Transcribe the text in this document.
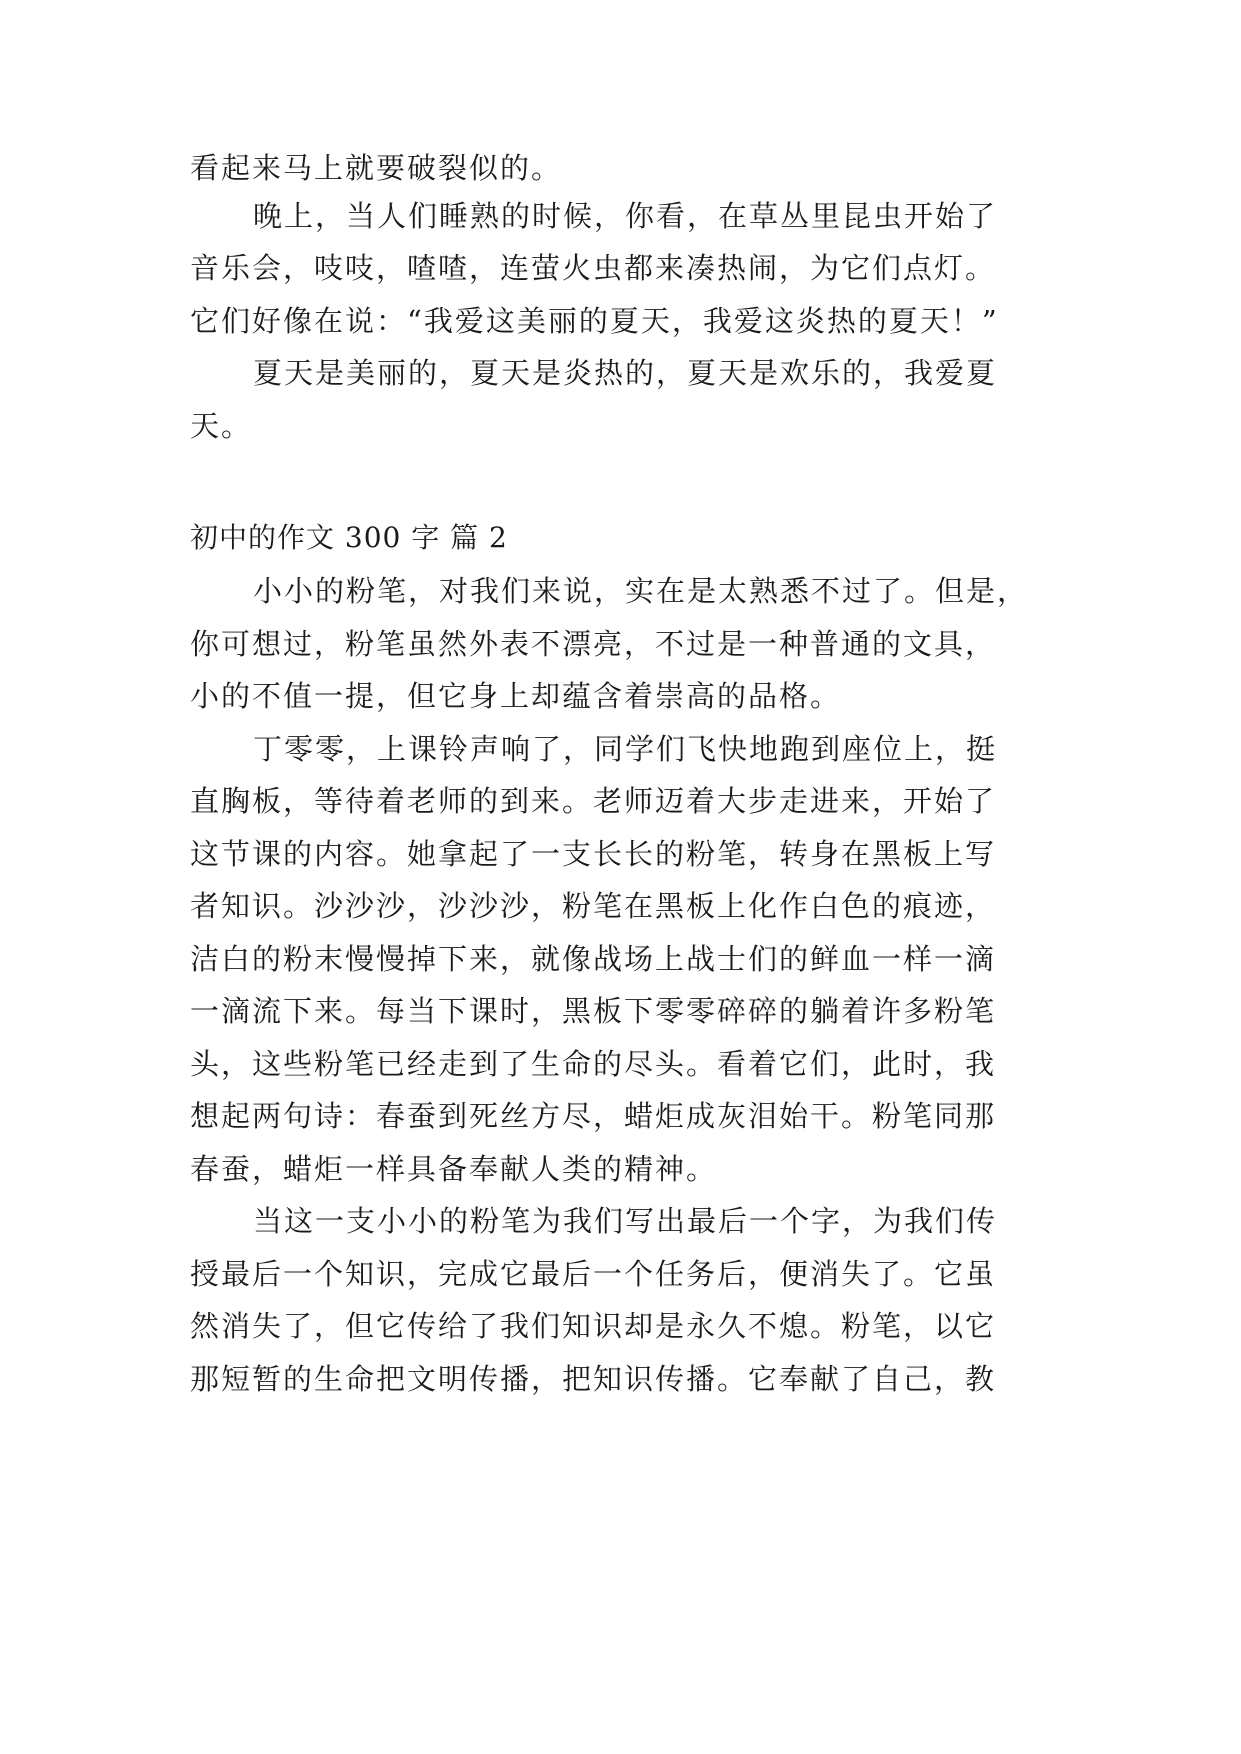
看起来马上就要破裂似的。
晚上，当人们睡熟的时候，你看，在草丛里昆虫开始了
音乐会，吱吱，喳喳，连萤火虫都来凑热闹，为它们点灯。
它们好像在说：“我爱这美丽的夏天，我爱这炎热的夏天！”
夏天是美丽的，夏天是炎热的，夏天是欢乐的，我爱夏
天。
初中的作文 300 字 篇 2
小小的粉笔，对我们来说，实在是太熟悉不过了。但是，
你可想过，粉笔虽然外表不漂亮，不过是一种普通的文具，
小的不值一提，但它身上却蕴含着崇高的品格。
丁零零，上课铃声响了，同学们飞快地跑到座位上，挺
直胸板，等待着老师的到来。老师迈着大步走进来，开始了
这节课的内容。她拿起了一支长长的粉笔，转身在黑板上写
者知识。沙沙沙，沙沙沙，粉笔在黑板上化作白色的痕迹，
洁白的粉末慢慢掉下来，就像战场上战士们的鲜血一样一滴
一滴流下来。每当下课时，黑板下零零碎碎的躺着许多粉笔
头，这些粉笔已经走到了生命的尽头。看着它们，此时，我
想起两句诗：春蚕到死丝方尽，蜡炬成灰泪始干。粉笔同那
春蚕，蜡炬一样具备奉献人类的精神。
当这一支小小的粉笔为我们写出最后一个字，为我们传
授最后一个知识，完成它最后一个任务后，便消失了。它虽
然消失了，但它传给了我们知识却是永久不熄。粉笔，以它
那短暂的生命把文明传播，把知识传播。它奉献了自己，教
